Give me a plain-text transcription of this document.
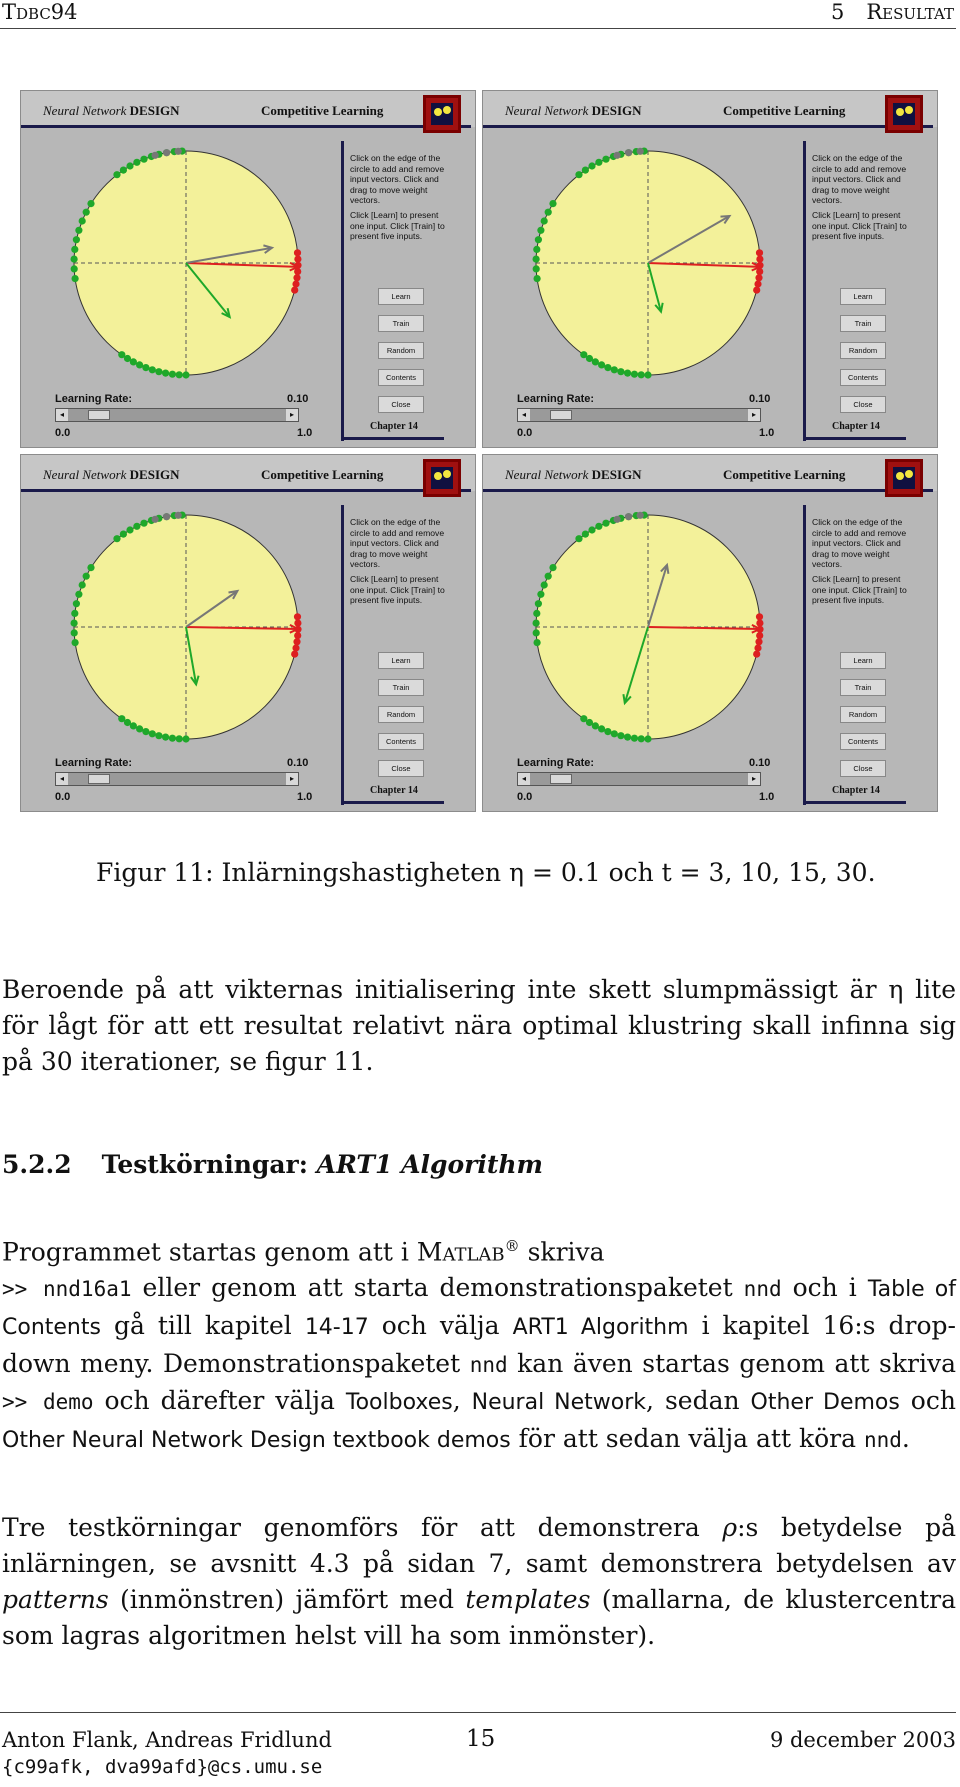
Tdbc94	5 Resultat
Neural Network DESIGN	Competitive Learning

Click on the edge of the circle to add and remove input vectors. Click and drag to move weight vectors.

Click [Learn] to present one input. Click [Train] to present five inputs.

Learn
Train
Random
Contents
Close
Chapter 14
Learning Rate:	0.10
◂	▸
0.0	1.0
Neural Network DESIGN	Competitive Learning

Click on the edge of the circle to add and remove input vectors. Click and drag to move weight vectors.

Click [Learn] to present one input. Click [Train] to present five inputs.

Learn
Train
Random
Contents
Close
Chapter 14
Learning Rate:	0.10
◂	▸
0.0	1.0
Neural Network DESIGN	Competitive Learning

Click on the edge of the circle to add and remove input vectors. Click and drag to move weight vectors.

Click [Learn] to present one input. Click [Train] to present five inputs.

Learn
Train
Random
Contents
Close
Chapter 14
Learning Rate:	0.10
◂	▸
0.0	1.0
Neural Network DESIGN	Competitive Learning

Click on the edge of the circle to add and remove input vectors. Click and drag to move weight vectors.

Click [Learn] to present one input. Click [Train] to present five inputs.

Learn
Train
Random
Contents
Close
Chapter 14
Learning Rate:	0.10
◂	▸
0.0	1.0
Figur 11: Inlärningshastigheten η = 0.1 och t = 3, 10, 15, 30.
Beroende på att vikternas initialisering inte skett slumpmässigt är η lite för lågt för att ett resultat relativt nära optimal klustring skall infinna sig på 30 iterationer, se figur 11.
5.2.2 Testkörningar: ART1 Algorithm
Programmet startas genom att i Matlab® skriva
>> nnd16a1 eller genom att starta demonstrationspaketet nnd och i Table of Contents gå till kapitel 14-17 och välja ART1 Algorithm i kapitel 16:s drop-down meny. Demonstrationspaketet nnd kan även startas genom att skriva >> demo och därefter välja Toolboxes, Neural Network, sedan Other Demos och Other Neural Network Design textbook demos för att sedan välja att köra nnd.
Tre testkörningar genomförs för att demonstrera ρ:s betydelse på inlärningen, se avsnitt 4.3 på sidan 7, samt demonstrera betydelsen av patterns (inmönstren) jämfört med templates (mallarna, de klustercentra som lagras algoritmen helst vill ha som inmönster).
Anton Flank, Andreas Fridlund	15	9 december 2003
{c99afk, dva99afd}@cs.umu.se
